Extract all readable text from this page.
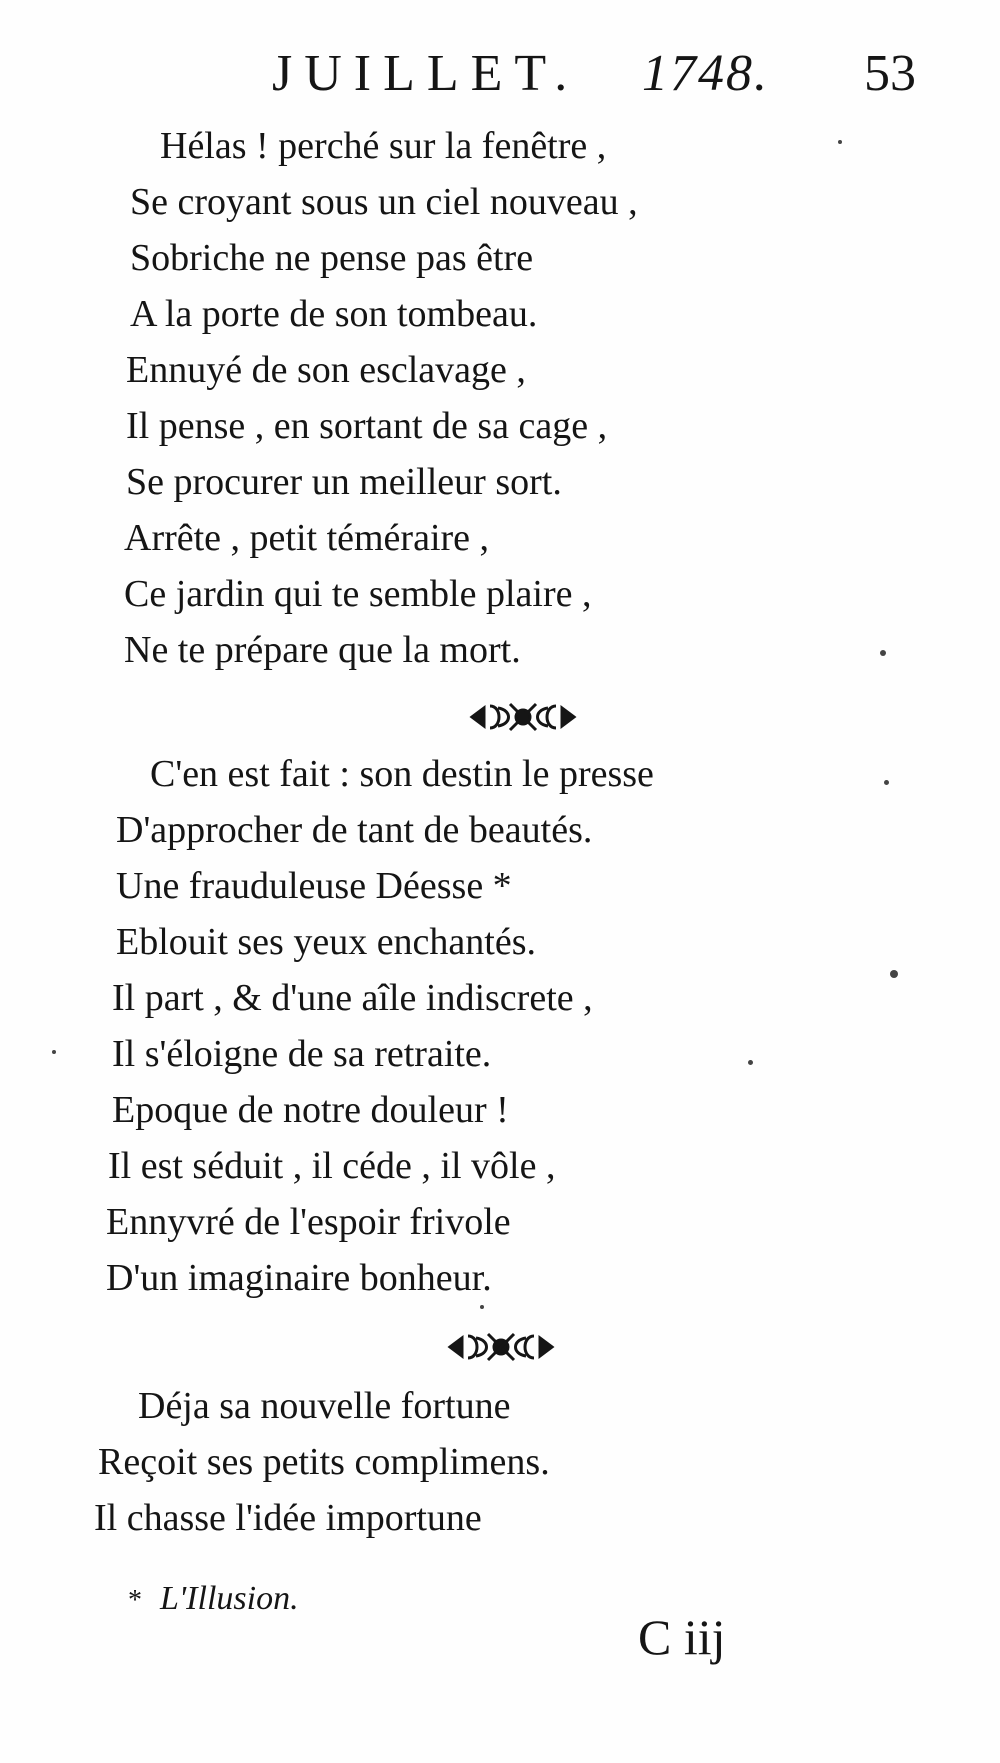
JUILLET. 1748. 53
Hélas ! perché sur la fenêtre ,
Se croyant sous un ciel nouveau ,
Sobriche ne pense pas être
A la porte de son tombeau.
Ennuyé de son esclavage ,
Il pense , en sortant de sa cage ,
Se procurer un meilleur sort.
Arrête , petit téméraire ,
Ce jardin qui te semble plaire ,
Ne te prépare que la mort.
C'en est fait : son destin le presse
D'approcher de tant de beautés.
Une frauduleuse Déesse *
Eblouit ses yeux enchantés.
Il part , & d'une aîle indiscrete ,
Il s'éloigne de sa retraite.
Epoque de notre douleur !
Il est séduit , il céde , il vôle ,
Ennyvré de l'espoir frivole
D'un imaginaire bonheur.
Déja sa nouvelle fortune
Reçoit ses petits complimens.
Il chasse l'idée importune
* L'Illusion.
C iij
